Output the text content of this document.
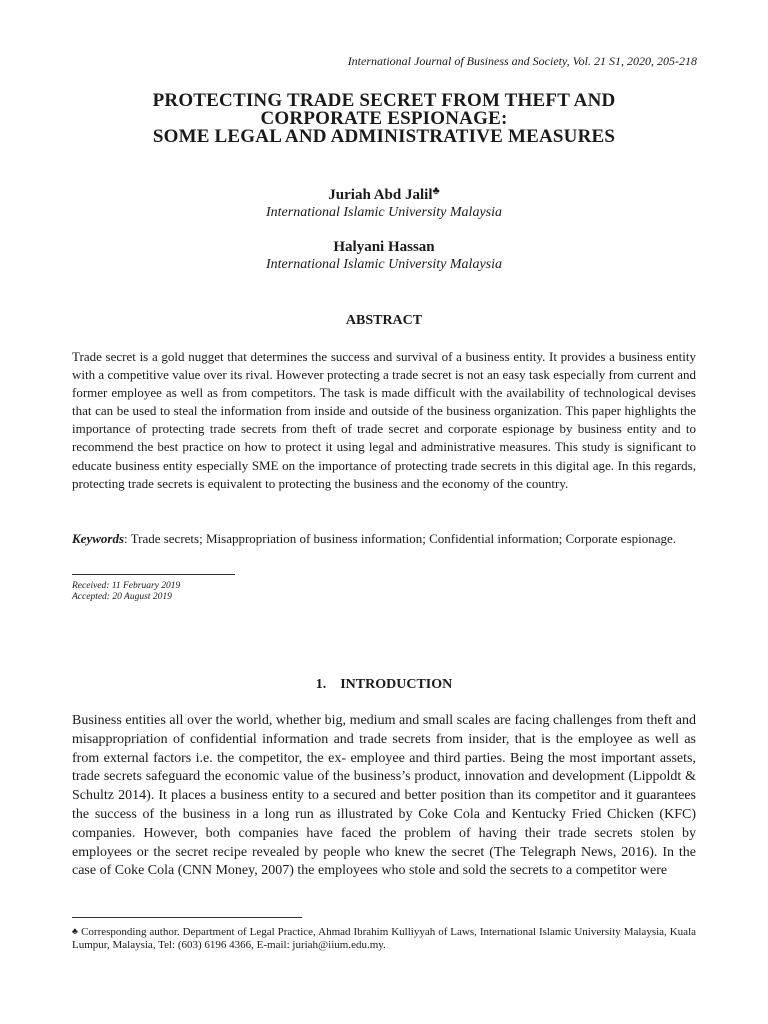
International Journal of Business and Society, Vol. 21 S1, 2020, 205-218
PROTECTING TRADE SECRET FROM THEFT AND
CORPORATE ESPIONAGE:
SOME LEGAL AND ADMINISTRATIVE MEASURES
Juriah Abd Jalil♣
International Islamic University Malaysia
Halyani Hassan
International Islamic University Malaysia
ABSTRACT
Trade secret is a gold nugget that determines the success and survival of a business entity. It provides a business entity with a competitive value over its rival. However protecting a trade secret is not an easy task especially from current and former employee as well as from competitors. The task is made difficult with the availability of technological devises that can be used to steal the information from inside and outside of the business organization. This paper highlights the importance of protecting trade secrets from theft of trade secret and corporate espionage by business entity and to recommend the best practice on how to protect it using legal and administrative measures. This study is significant to educate business entity especially SME on the importance of protecting trade secrets in this digital age. In this regards, protecting trade secrets is equivalent to protecting the business and the economy of the country.
Keywords: Trade secrets; Misappropriation of business information; Confidential information; Corporate espionage.
Received: 11 February 2019
Accepted: 20 August 2019
1. INTRODUCTION
Business entities all over the world, whether big, medium and small scales are facing challenges from theft and misappropriation of confidential information and trade secrets from insider, that is the employee as well as from external factors i.e. the competitor, the ex- employee and third parties. Being the most important assets, trade secrets safeguard the economic value of the business’s product, innovation and development (Lippoldt & Schultz 2014). It places a business entity to a secured and better position than its competitor and it guarantees the success of the business in a long run as illustrated by Coke Cola and Kentucky Fried Chicken (KFC) companies. However, both companies have faced the problem of having their trade secrets stolen by employees or the secret recipe revealed by people who knew the secret (The Telegraph News, 2016). In the case of Coke Cola (CNN Money, 2007) the employees who stole and sold the secrets to a competitor were
♣ Corresponding author. Department of Legal Practice, Ahmad Ibrahim Kulliyyah of Laws, International Islamic University Malaysia, Kuala Lumpur, Malaysia, Tel: (603) 6196 4366, E-mail: juriah@iium.edu.my.
